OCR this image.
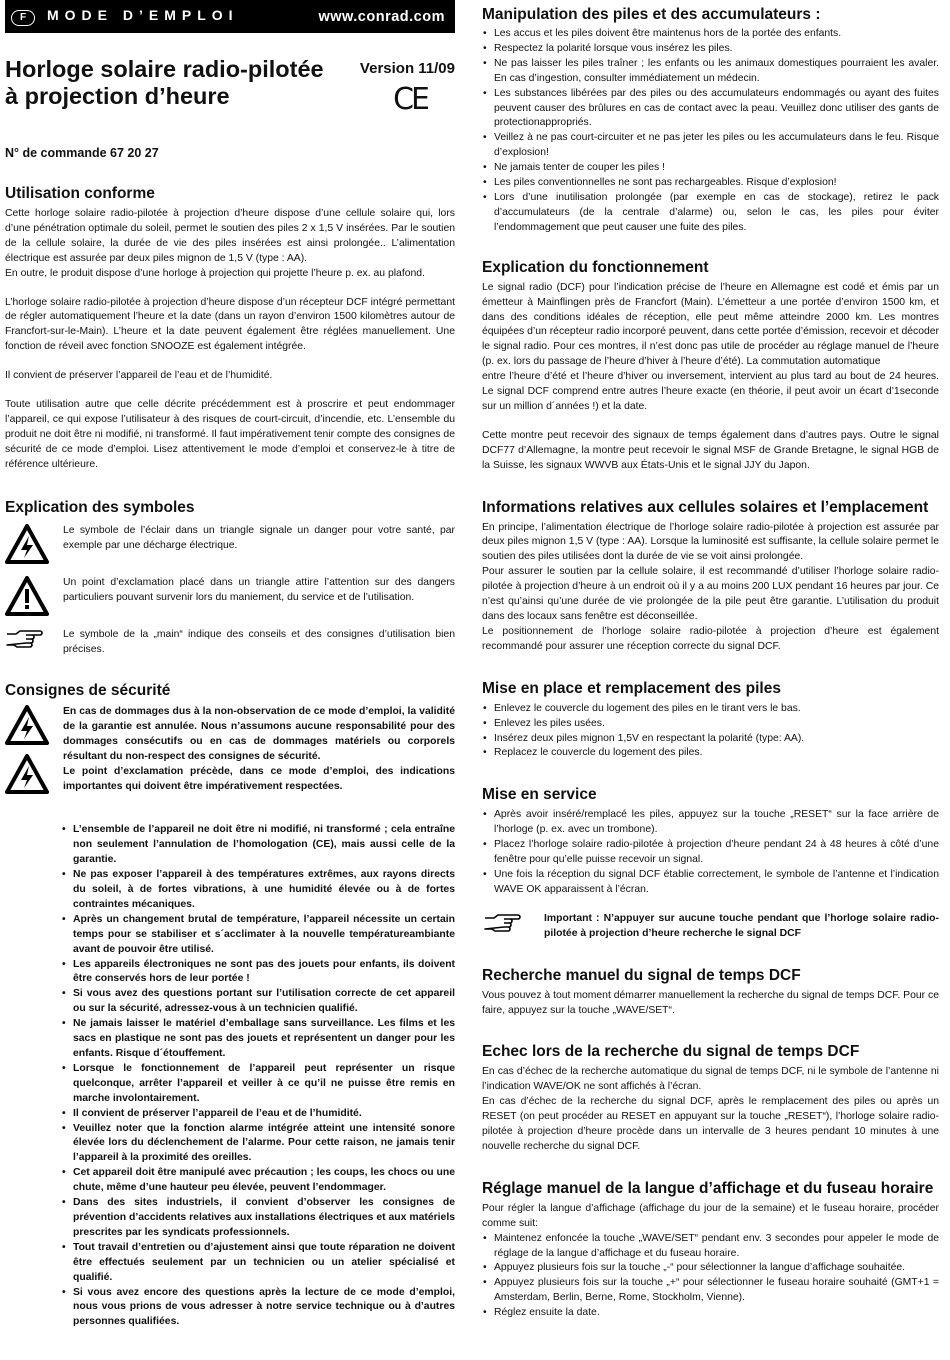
F MODE D’EMPLOI	www.conrad.com
Horloge solaire radio-pilotée
à projection d’heure
Version 11/09
CE
N° de commande 67 20 27
Utilisation conforme

Cette horloge solaire radio-pilotée à projection d’heure dispose d’une cellule solaire qui, lors d’une pénétration optimale du soleil, permet le soutien des piles 2 x 1,5 V insérées. Par le soutien de la cellule solaire, la durée de vie des piles insérées est ainsi prolongée.. L’alimentation électrique est assurée par deux piles mignon de 1,5 V (type : AA).

En outre, le produit dispose d’une horloge à projection qui projette l’heure p. ex. au plafond.

L’horloge solaire radio-pilotée à projection d’heure dispose d’un récepteur DCF intégré permettant de régler automatiquement l’heure et la date (dans un rayon d’environ 1500 kilomètres autour de Francfort-sur-le-Main). L’heure et la date peuvent également être réglées manuellement. Une fonction de réveil avec fonction SNOOZE est également intégrée.

Il convient de préserver l’appareil de l’eau et de l’humidité.

Toute utilisation autre que celle décrite précédemment est à proscrire et peut endommager l’appareil, ce qui expose l’utilisateur à des risques de court-circuit, d’incendie, etc. L’ensemble du produit ne doit être ni modifié, ni transformé. Il faut impérativement tenir compte des consignes de sécurité de ce mode d’emploi. Lisez attentivement le mode d’emploi et conservez-le à titre de référence ultérieure.

Explication des symboles

Le symbole de l’éclair dans un triangle signale un danger pour votre santé, par exemple par une décharge électrique.

Un point d’exclamation placé dans un triangle attire l’attention sur des dangers particuliers pouvant survenir lors du maniement, du service et de l’utilisation.

Le symbole de la „main“ indique des conseils et des consignes d’utilisation bien précises.

Consignes de sécurité

En cas de dommages dus à la non-observation de ce mode d’emploi, la validité de la garantie est annulée. Nous n’assumons aucune responsabilité pour des dommages consécutifs ou en cas de dommages matériels ou corporels résultant du non-respect des consignes de sécurité.

Le point d’exclamation précède, dans ce mode d’emploi, des indications importantes qui doivent être impérativement respectées.

• L’ensemble de l’appareil ne doit être ni modifié, ni transformé ; cela entraîne non seulement l’annulation de l’homologation (CE), mais aussi celle de la garantie.
• Ne pas exposer l’appareil à des températures extrêmes, aux rayons directs du soleil, à de fortes vibrations, à une humidité élevée ou à de fortes contraintes mécaniques.
• Après un changement brutal de température, l’appareil nécessite un certain temps pour se stabiliser et s´acclimater à la nouvelle températureambiante avant de pouvoir être utilisé.
• Les appareils électroniques ne sont pas des jouets pour enfants, ils doivent être conservés hors de leur portée !
• Si vous avez des questions portant sur l’utilisation correcte de cet appareil ou sur la sécurité, adressez-vous à un technicien qualifié.
• Ne jamais laisser le matériel d’emballage sans surveillance. Les films et les sacs en plastique ne sont pas des jouets et représentent un danger pour les enfants. Risque d´étouffement.
• Lorsque le fonctionnement de l’appareil peut représenter un risque quelconque, arrêter l’appareil et veiller à ce qu’il ne puisse être remis en marche involontairement.
• Il convient de préserver l’appareil de l’eau et de l’humidité.
• Veuillez noter que la fonction alarme intégrée atteint une intensité sonore élevée lors du déclenchement de l’alarme. Pour cette raison, ne jamais tenir l’appareil à la proximité des oreilles.
• Cet appareil doit être manipulé avec précaution ; les coups, les chocs ou une chute, même d’une hauteur peu élevée, peuvent l’endommager.
• Dans des sites industriels, il convient d’observer les consignes de prévention d’accidents relatives aux installations électriques et aux matériels prescrites par les syndicats professionnels.
• Tout travail d’entretien ou d’ajustement ainsi que toute réparation ne doivent être effectués seulement par un technicien ou un atelier spécialisé et qualifié.
• Si vous avez encore des questions après la lecture de ce mode d’emploi, nous vous prions de vous adresser à notre service technique ou à d’autres personnes qualifiées.
Manipulation des piles et des accumulateurs :
• Les accus et les piles doivent être maintenus hors de la portée des enfants.
• Respectez la polarité lorsque vous insérez les piles.
• Ne pas laisser les piles traîner ; les enfants ou les animaux domestiques pourraient les avaler. En cas d’ingestion, consulter immédiatement un médecin.
• Les substances libérées par des piles ou des accumulateurs endommagés ou ayant des fuites peuvent causer des brûlures en cas de contact avec la peau. Veuillez donc utiliser des gants de protectionappropriés.
• Veillez à ne pas court-circuiter et ne pas jeter les piles ou les accumulateurs dans le feu. Risque d’explosion!
• Ne jamais tenter de couper les piles !
• Les piles conventionnelles ne sont pas rechargeables. Risque d’explosion!
• Lors d’une inutilisation prolongée (par exemple en cas de stockage), retirez le pack d’accumulateurs (de la centrale d’alarme) ou, selon le cas, les piles pour éviter l’endommagement que peut causer une fuite des piles.
Explication du fonctionnement

Le signal radio (DCF) pour l’indication précise de l’heure en Allemagne est codé et émis par un émetteur à Mainflingen près de Francfort (Main). L’émetteur a une portée d’environ 1500 km, et dans des conditions idéales de réception, elle peut même atteindre 2000 km. Les montres équipées d’un récepteur radio incorporé peuvent, dans cette portée d’émission, recevoir et décoder le signal radio. Pour ces montres, il n’est donc pas utile de procéder au réglage manuel de l’heure (p. ex. lors du passage de l’heure d’hiver à l’heure d’été). La commutation automatique

entre l’heure d’été et l’heure d’hiver ou inversement, intervient au plus tard au bout de 24 heures. Le signal DCF comprend entre autres l’heure exacte (en théorie, il peut avoir un écart d’1seconde sur un million d´années !) et la date.

Cette montre peut recevoir des signaux de temps également dans d’autres pays. Outre le signal DCF77 d’Allemagne, la montre peut recevoir le signal MSF de Grande Bretagne, le signal HGB de la Suisse, les signaux WWVB aux États-Unis et le signal JJY du Japon.

Informations relatives aux cellules solaires et l’emplacement

En principe, l’alimentation électrique de l’horloge solaire radio-pilotée à projection est assurée par deux piles mignon 1,5 V (type : AA). Lorsque la luminosité est suffisante, la cellule solaire permet le soutien des piles utilisées dont la durée de vie se voit ainsi prolongée.

Pour assurer le soutien par la cellule solaire, il est recommandé d’utiliser l’horloge solaire radio-pilotée à projection d’heure à un endroit où il y a au moins 200 LUX pendant 16 heures par jour. Ce n’est qu’ainsi qu’une durée de vie prolongée de la pile peut être garantie. L’utilisation du produit dans des locaux sans fenêtre est déconseillée.

Le positionnement de l’horloge solaire radio-pilotée à projection d’heure est également recommandé pour assurer une réception correcte du signal DCF.

Mise en place et remplacement des piles
• Enlevez le couvercle du logement des piles en le tirant vers le bas.
• Enlevez les piles usées.
• Insérez deux piles mignon 1,5V en respectant la polarité (type: AA).
• Replacez le couvercle du logement des piles.
Mise en service
• Après avoir inséré/remplacé les piles, appuyez sur la touche „RESET“ sur la face arrière de l’horloge (p. ex. avec un trombone).
• Placez l’horloge solaire radio-pilotée à projection d’heure pendant 24 à 48 heures à côté d’une fenêtre pour qu’elle puisse recevoir un signal.
• Une fois la réception du signal DCF établie correctement, le symbole de l’antenne et l’indication WAVE OK apparaissent à l’écran.

Important : N’appuyer sur aucune touche pendant que l’horloge solaire radio-pilotée à projection d’heure recherche le signal DCF

Recherche manuel du signal de temps DCF

Vous pouvez à tout moment démarrer manuellement la recherche du signal de temps DCF. Pour ce faire, appuyez sur la touche „WAVE/SET“.

Echec lors de la recherche du signal de temps DCF

En cas d’échec de la recherche automatique du signal de temps DCF, ni le symbole de l’antenne ni l’indication WAVE/OK ne sont affichés à l’écran.

En cas d’échec de la recherche du signal DCF, après le remplacement des piles ou après un RESET (on peut procéder au RESET en appuyant sur la touche „RESET“), l’horloge solaire radio-pilotée à projection d’heure procède dans un intervalle de 3 heures pendant 10 minutes à une nouvelle recherche du signal DCF.

Réglage manuel de la langue d’affichage et du fuseau horaire

Pour régler la langue d’affichage (affichage du jour de la semaine) et le fuseau horaire, procéder comme suit:

• Maintenez enfoncée la touche „WAVE/SET“ pendant env. 3 secondes pour appeler le mode de réglage de la langue d’affichage et du fuseau horaire.
• Appuyez plusieurs fois sur la touche „-“ pour sélectionner la langue d’affichage souhaitée.
• Appuyez plusieurs fois sur la touche „+“ pour sélectionner le fuseau horaire souhaité (GMT+1 = Amsterdam, Berlin, Berne, Rome, Stockholm, Vienne).
• Réglez ensuite la date.
